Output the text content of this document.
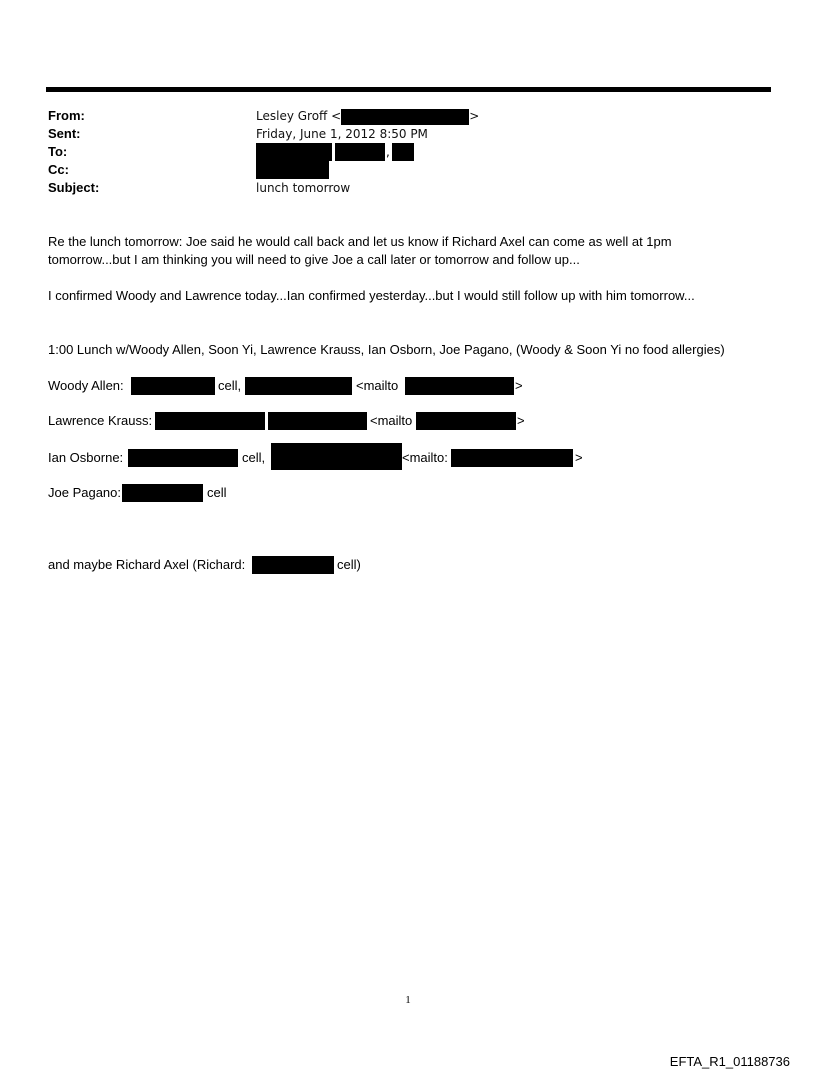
From:	Lesley Groff <	>
Sent:	Friday, June 1, 2012 8:50 PM
To:	,
Cc:
Subject:	lunch tomorrow
Re the lunch tomorrow: Joe said he would call back and let us know if Richard Axel can come as well at 1pm
tomorrow...but I am thinking you will need to give Joe a call later or tomorrow and follow up...
I confirmed Woody and Lawrence today...Ian confirmed yesterday...but I would still follow up with him tomorrow...
1:00 Lunch w/Woody Allen, Soon Yi, Lawrence Krauss, Ian Osborn, Joe Pagano, (Woody & Soon Yi no food allergies)
Woody Allen:	cell,	<mailto	>
Lawrence Krauss:	<mailto	>
Ian Osborne:	cell,	<mailto:	>
Joe Pagano:	cell
and maybe Richard Axel (Richard:	cell)
1
EFTA_R1_01188736
